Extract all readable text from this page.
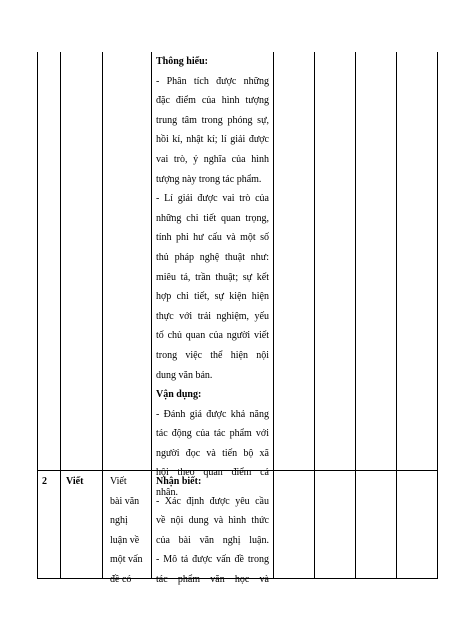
Thông hiểu:
- Phân tích được những
đặc điểm của hình tượng
trung tâm trong phóng sự,
hồi kí, nhật kí; lí giải được
vai trò, ý nghĩa của hình
tượng này trong tác phẩm.
- Lí giải được vai trò của
những chi tiết quan trọng,
tính phi hư cấu và một số
thủ pháp nghệ thuật như:
miêu tả, trần thuật; sự kết
hợp chi tiết, sự kiện hiện
thực với trải nghiệm, yếu
tố chủ quan của người viết
trong việc thể hiện nội
dung văn bản.
Vận dụng:
- Đánh giá được khả năng
tác động của tác phẩm với
người đọc và tiến bộ xã
hội theo quan điểm cá
nhân.
2 Viết	Viết
bài văn
nghị
luận về
một vấn
đề có
Nhận biết:
- Xác định được yêu cầu
về nội dung và hình thức
của bài văn nghị luận.
- Mô tả được vấn đề trong
tác phẩm văn học và
